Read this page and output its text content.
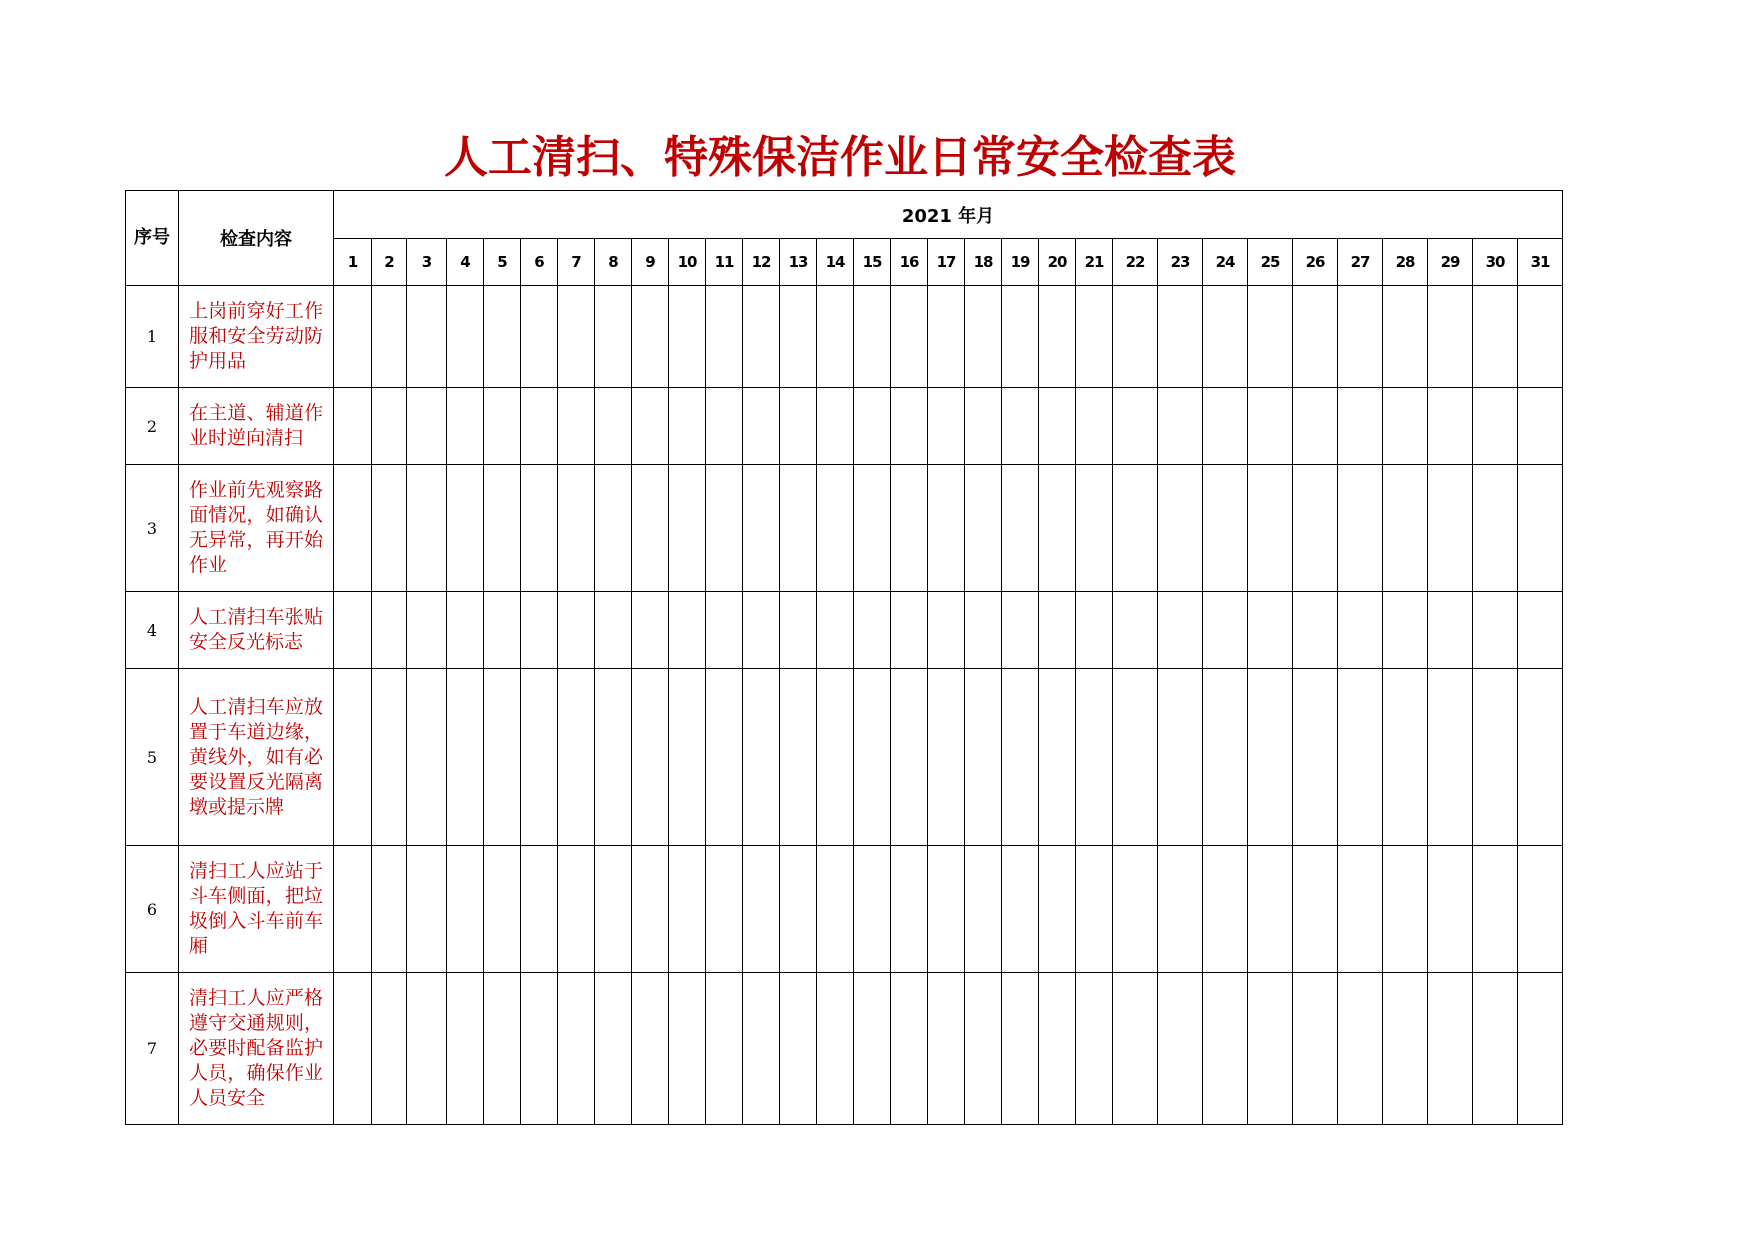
人工清扫、特殊保洁作业日常安全检查表
序号	检查内容	2021 年月																														
		1	2	3	4	5	6	7	8	9	10	11	12	13	14	15	16	17	18	19	20	21	22	23	24	25	26	27	28	29	30	31
1	上岗前穿好工作服和安全劳动防护用品																															
2	在主道、辅道作业时逆向清扫																															
3	作业前先观察路面情况，如确认无异常，再开始作业																															
4	人工清扫车张贴安全反光标志																															
5	人工清扫车应放置于车道边缘，黄线外，如有必要设置反光隔离墩或提示牌																															
6	清扫工人应站于斗车侧面，把垃圾倒入斗车前车厢																															
7	清扫工人应严格遵守交通规则，必要时配备监护人员，确保作业人员安全																															
